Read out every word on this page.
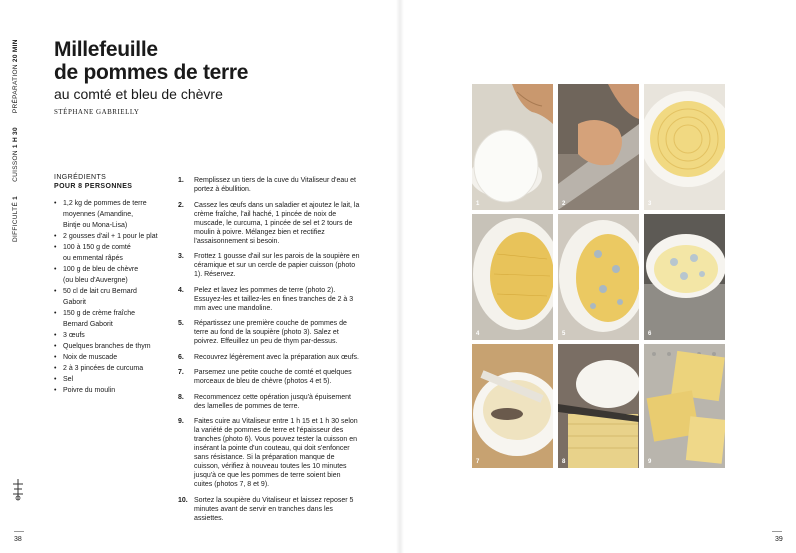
DIFFICULTÉ 1
CUISSON 1 H 30
PRÉPARATION 20 MIN Millefeuille
de pommes de terre
au comté et bleu de chèvre
STÉPHANE GABRIELLY
INGRÉDIENTS
POUR 8 PERSONNES
• 1,2 kg de pommes de terre
moyennes (Amandine,
Bintje ou Mona-Lisa)
• 2 gousses d'ail + 1 pour le plat
• 100 à 150 g de comté
ou emmental râpés
• 100 g de bleu de chèvre
(ou bleu d'Auvergne)
• 50 cl de lait cru Bernard
Gaborit
• 150 g de crème fraîche
Bernard Gaborit
• 3 œufs
• Quelques branches de thym
• Noix de muscade
• 2 à 3 pincées de curcuma
• Sel
• Poivre du moulin
1.	Remplissez un tiers de la cuve du Vitaliseur d'eau et portez à ébullition.
2.	Cassez les œufs dans un saladier et ajoutez le lait, la crème fraîche, l'ail haché, 1 pincée de noix de muscade, le curcuma, 1 pincée de sel et 2 tours de moulin à poivre. Mélangez bien et rectifiez l'assaisonnement si besoin.
3.	Frottez 1 gousse d'ail sur les parois de la soupière en céramique et sur un cercle de papier cuisson (photo 1). Réservez.
4.	Pelez et lavez les pommes de terre (photo 2). Essuyez-les et taillez-les en fines tranches de 2 à 3 mm avec une mandoline.
5.	Répartissez une première couche de pommes de terre au fond de la soupière (photo 3). Salez et poivrez. Effeuillez un peu de thym par-dessus.
6.	Recouvrez légèrement avec la préparation aux œufs.
7.	Parsemez une petite couche de comté et quelques morceaux de bleu de chèvre (photos 4 et 5).
8.	Recommencez cette opération jusqu'à épuisement des lamelles de pommes de terre.
9.	Faites cuire au Vitaliseur entre 1 h 15 et 1 h 30 selon la variété de pommes de terre et l'épaisseur des tranches (photo 6). Vous pouvez tester la cuisson en insérant la pointe d'un couteau, qui doit s'enfoncer sans résistance. Si la préparation manque de cuisson, vérifiez à nouveau toutes les 10 minutes jusqu'à ce que les pommes de terre soient bien cuites (photos 7, 8 et 9).
10. Sortez la soupière du Vitaliseur et laissez reposer 5 minutes avant de servir en tranches dans les assiettes.
38	39
1	2	3
4	5	6
7	8	9
